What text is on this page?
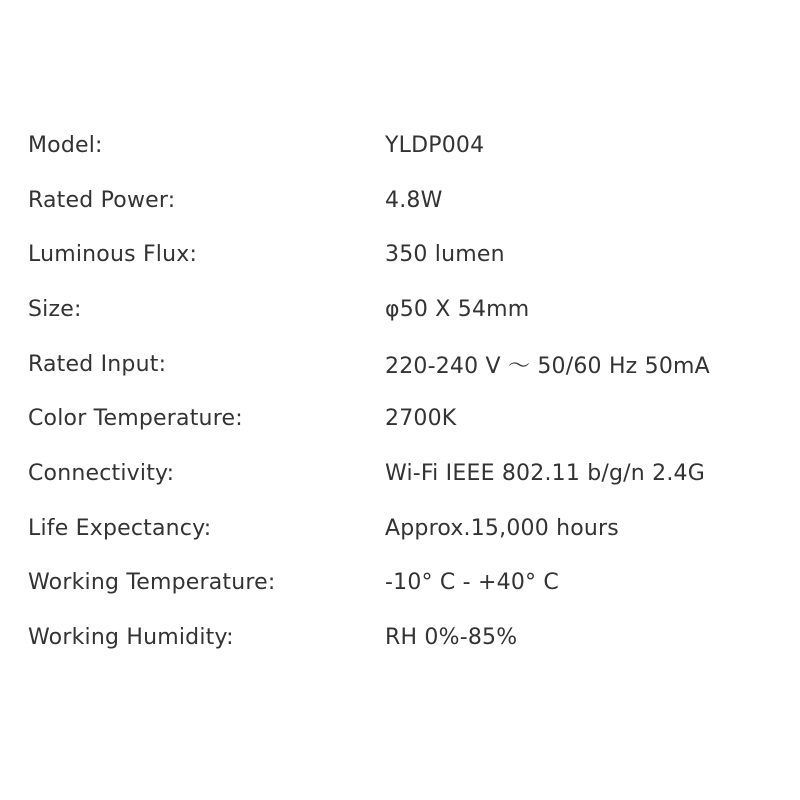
Model:	YLDP004
Rated Power:	4.8W
Luminous Flux:	350 lumen
Size:	φ50 X 54mm
Rated Input:	220-240 V ～ 50/60 Hz 50mA
Color Temperature:	2700K
Connectivity:	Wi-Fi IEEE 802.11 b/g/n 2.4G
Life Expectancy:	Approx.15,000 hours
Working Temperature:	-10° C - +40° C
Working Humidity:	RH 0%-85%
